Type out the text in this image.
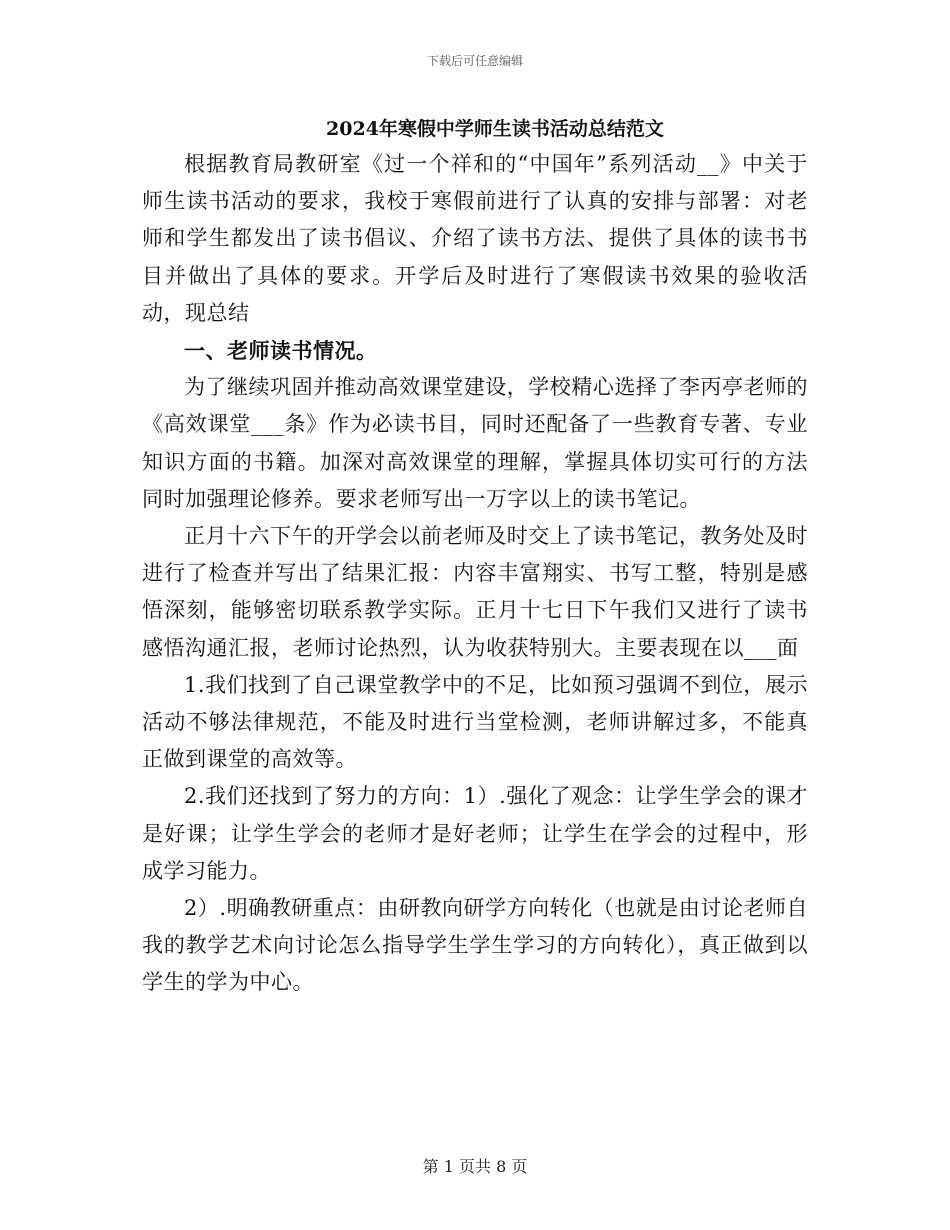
下载后可任意编辑
2024年寒假中学师生读书活动总结范文

根据教育局教研室《过一个祥和的“中国年”系列活动__》中关于师生读书活动的要求，我校于寒假前进行了认真的安排与部署：对老师和学生都发出了读书倡议、介绍了读书方法、提供了具体的读书书目并做出了具体的要求。开学后及时进行了寒假读书效果的验收活动，现总结

一、老师读书情况。

为了继续巩固并推动高效课堂建设，学校精心选择了李丙亭老师的《高效课堂___条》作为必读书目，同时还配备了一些教育专著、专业知识方面的书籍。加深对高效课堂的理解，掌握具体切实可行的方法同时加强理论修养。要求老师写出一万字以上的读书笔记。

正月十六下午的开学会以前老师及时交上了读书笔记，教务处及时进行了检查并写出了结果汇报：内容丰富翔实、书写工整，特别是感悟深刻，能够密切联系教学实际。正月十七日下午我们又进行了读书感悟沟通汇报，老师讨论热烈，认为收获特别大。主要表现在以___面

1.我们找到了自己课堂教学中的不足，比如预习强调不到位，展示活动不够法律规范，不能及时进行当堂检测，老师讲解过多，不能真正做到课堂的高效等。

2.我们还找到了努力的方向：1）.强化了观念：让学生学会的课才是好课；让学生学会的老师才是好老师；让学生在学会的过程中，形成学习能力。

2）.明确教研重点：由研教向研学方向转化（也就是由讨论老师自我的教学艺术向讨论怎么指导学生学生学习的方向转化），真正做到以学生的学为中心。

第 1 页共 8 页
